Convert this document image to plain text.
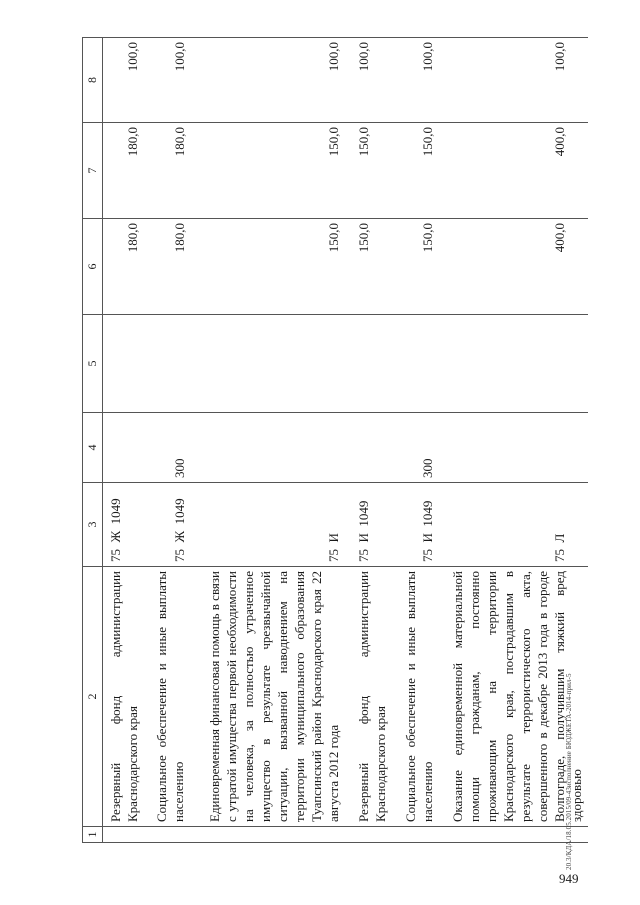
1	2	3	4	5	6	7	8
	Резервный фонд администрации Краснодарского края	75  Ж  1049			180,0	180,0	100,0
	Социальное обеспечение и иные выплаты населению	75  Ж  1049	300		180,0	180,0	100,0
	Единовременная финансовая помощь в связи с утратой имущества первой необходимости на человека, за полностью утраченное имущество в результате чрезвычайной ситуации, вызванной наводнением на территории муниципального образования Туапсинский район Краснодарского края 22 августа 2012 года	75  И			150,0	150,0	100,0
	Резервный фонд администрации Краснодарского края	75  И  1049			150,0	150,0	100,0
	Социальное обеспечение и иные выплаты населению	75  И  1049	300		150,0	150,0	100,0
	Оказание единовременной материальной помощи гражданам, постоянно проживающим на территории Краснодарского края, пострадавшим в результате террористического акта, совершенного в декабре 2013 года в городе Волгограде, получившим тяжкий вред здоровью	75  Л			400,0	400,0	100,0
20.3/КДА/18.05.2015/09-43исполнение БЮДЖЕТА-2014-прил-5
949
